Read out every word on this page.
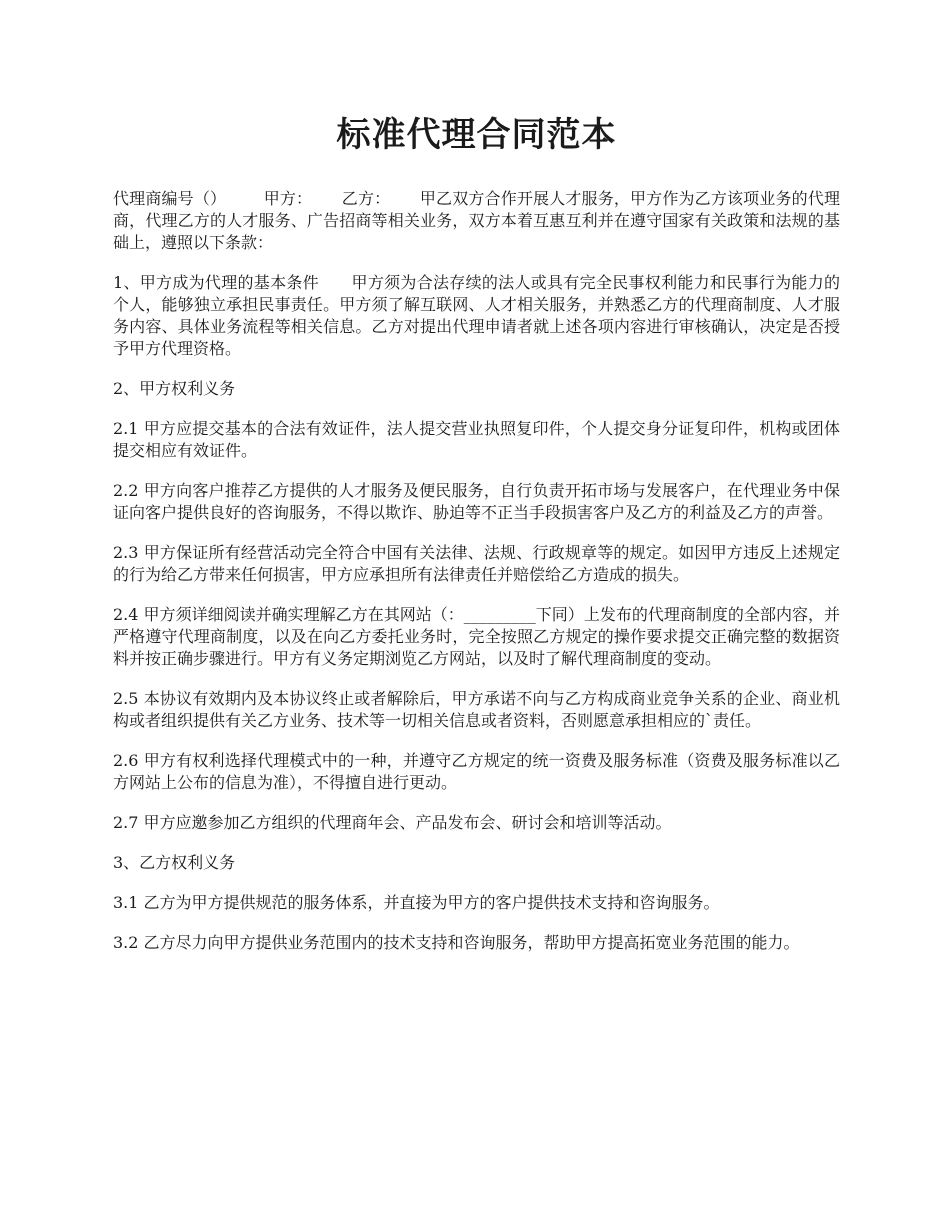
标准代理合同范本

代理商编号（） 　　甲方：　　 乙方：　　 甲乙双方合作开展人才服务，甲方作为乙方该项业务的代理商，代理乙方的人才服务、广告招商等相关业务，双方本着互惠互利并在遵守国家有关政策和法规的基础上，遵照以下条款：

1、甲方成为代理的基本条件　　甲方须为合法存续的法人或具有完全民事权利能力和民事行为能力的个人，能够独立承担民事责任。甲方须了解互联网、人才相关服务，并熟悉乙方的代理商制度、人才服务内容、具体业务流程等相关信息。乙方对提出代理申请者就上述各项内容进行审核确认，决定是否授予甲方代理资格。

2、甲方权利义务

2.1 甲方应提交基本的合法有效证件，法人提交营业执照复印件，个人提交身分证复印件，机构或团体提交相应有效证件。

2.2 甲方向客户推荐乙方提供的人才服务及便民服务，自行负责开拓市场与发展客户，在代理业务中保证向客户提供良好的咨询服务，不得以欺诈、胁迫等不正当手段损害客户及乙方的利益及乙方的声誉。

2.3 甲方保证所有经营活动完全符合中国有关法律、法规、行政规章等的规定。如因甲方违反上述规定的行为给乙方带来任何损害，甲方应承担所有法律责任并赔偿给乙方造成的损失。

2.4 甲方须详细阅读并确实理解乙方在其网站（：_________下同）上发布的代理商制度的全部内容，并严格遵守代理商制度，以及在向乙方委托业务时，完全按照乙方规定的操作要求提交正确完整的数据资料并按正确步骤进行。甲方有义务定期浏览乙方网站，以及时了解代理商制度的变动。

2.5 本协议有效期内及本协议终止或者解除后，甲方承诺不向与乙方构成商业竞争关系的企业、商业机构或者组织提供有关乙方业务、技术等一切相关信息或者资料，否则愿意承担相应的`责任。

2.6 甲方有权利选择代理模式中的一种，并遵守乙方规定的统一资费及服务标准（资费及服务标准以乙方网站上公布的信息为准），不得擅自进行更动。

2.7 甲方应邀参加乙方组织的代理商年会、产品发布会、研讨会和培训等活动。

3、乙方权利义务

3.1 乙方为甲方提供规范的服务体系，并直接为甲方的客户提供技术支持和咨询服务。

3.2 乙方尽力向甲方提供业务范围内的技术支持和咨询服务，帮助甲方提高拓宽业务范围的能力。
